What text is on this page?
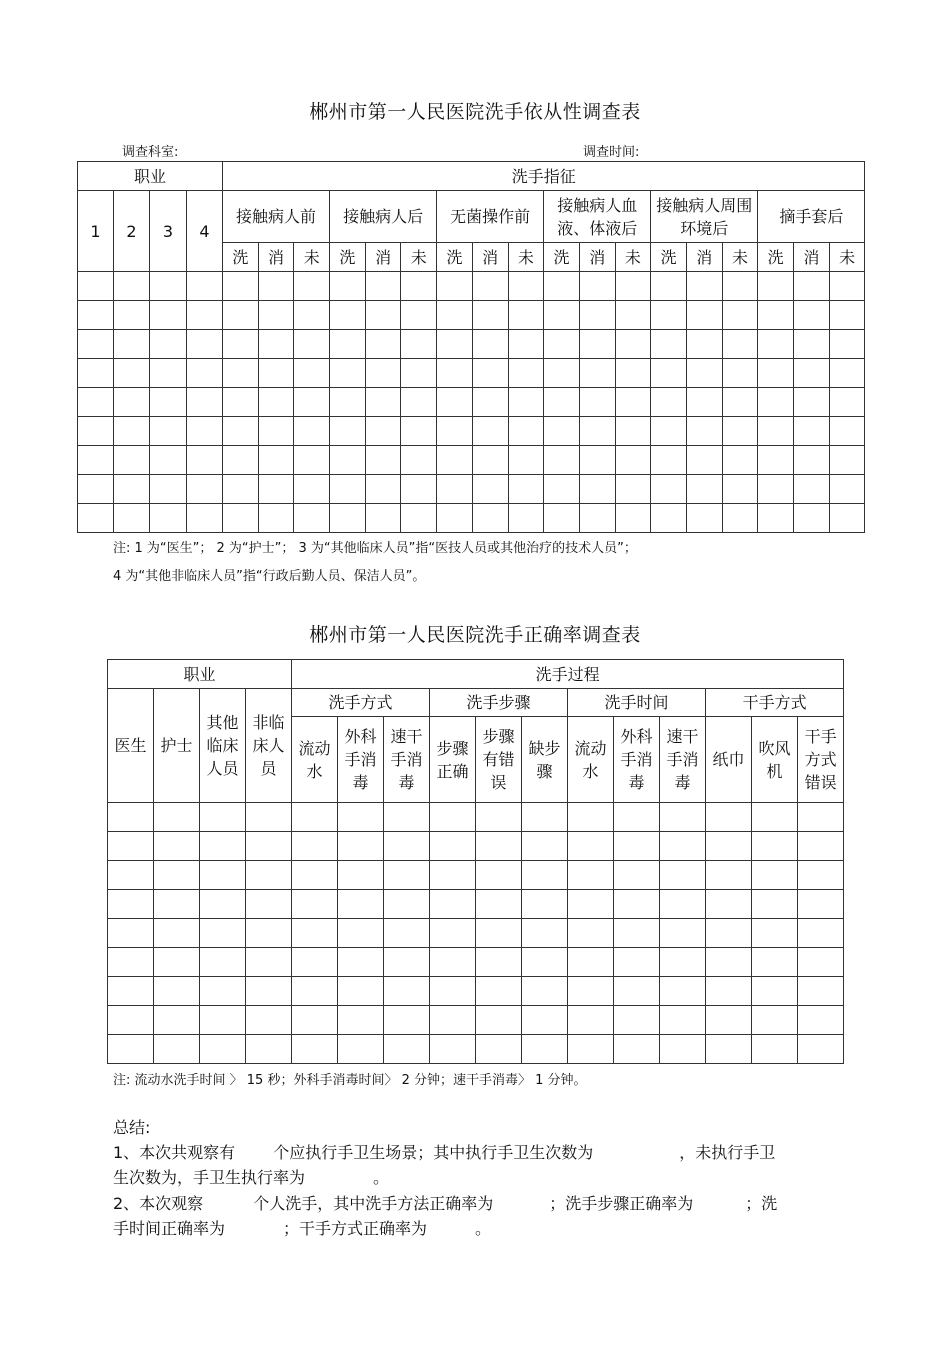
郴州市第一人民医院洗手依从性调查表
调查科室:	调查时间:
职业				洗手指征																	
1	2	3	4	接触病人前			接触病人后			无菌操作前			接触病人血液、体液后			接触病人周围环境后			摘手套后		
				洗	消	未	洗	消	未	洗	消	未	洗	消	未	洗	消	未	洗	消	未

注: 1 为“医生”； 2 为“护士”； 3 为“其他临床人员”指“医技人员或其他治疗的技术人员”；
4 为“其他非临床人员”指“行政后勤人员、保洁人员”。
郴州市第一人民医院洗手正确率调查表
职业				洗手过程											
医生	护士	其他临床人员	非临床人员	洗手方式			洗手步骤			洗手时间			干手方式		
				流动水	外科手消毒	速干手消毒	步骤正确	步骤有错误	缺步骤	流动水	外科手消毒	速干手消毒	纸巾	吹风机	干手方式错误

注: 流动水洗手时间 〉 15 秒；外科手消毒时间〉 2 分钟；速干手消毒〉 1 分钟。
总结:
1、本次共观察有 个应执行手卫生场景；其中执行手卫生次数为	，未执行手卫
生次数为，手卫生执行率为	。
2、本次观察	个人洗手，其中洗手方法正确率为	；洗手步骤正确率为	；洗
手时间正确率为	；干手方式正确率为	。
